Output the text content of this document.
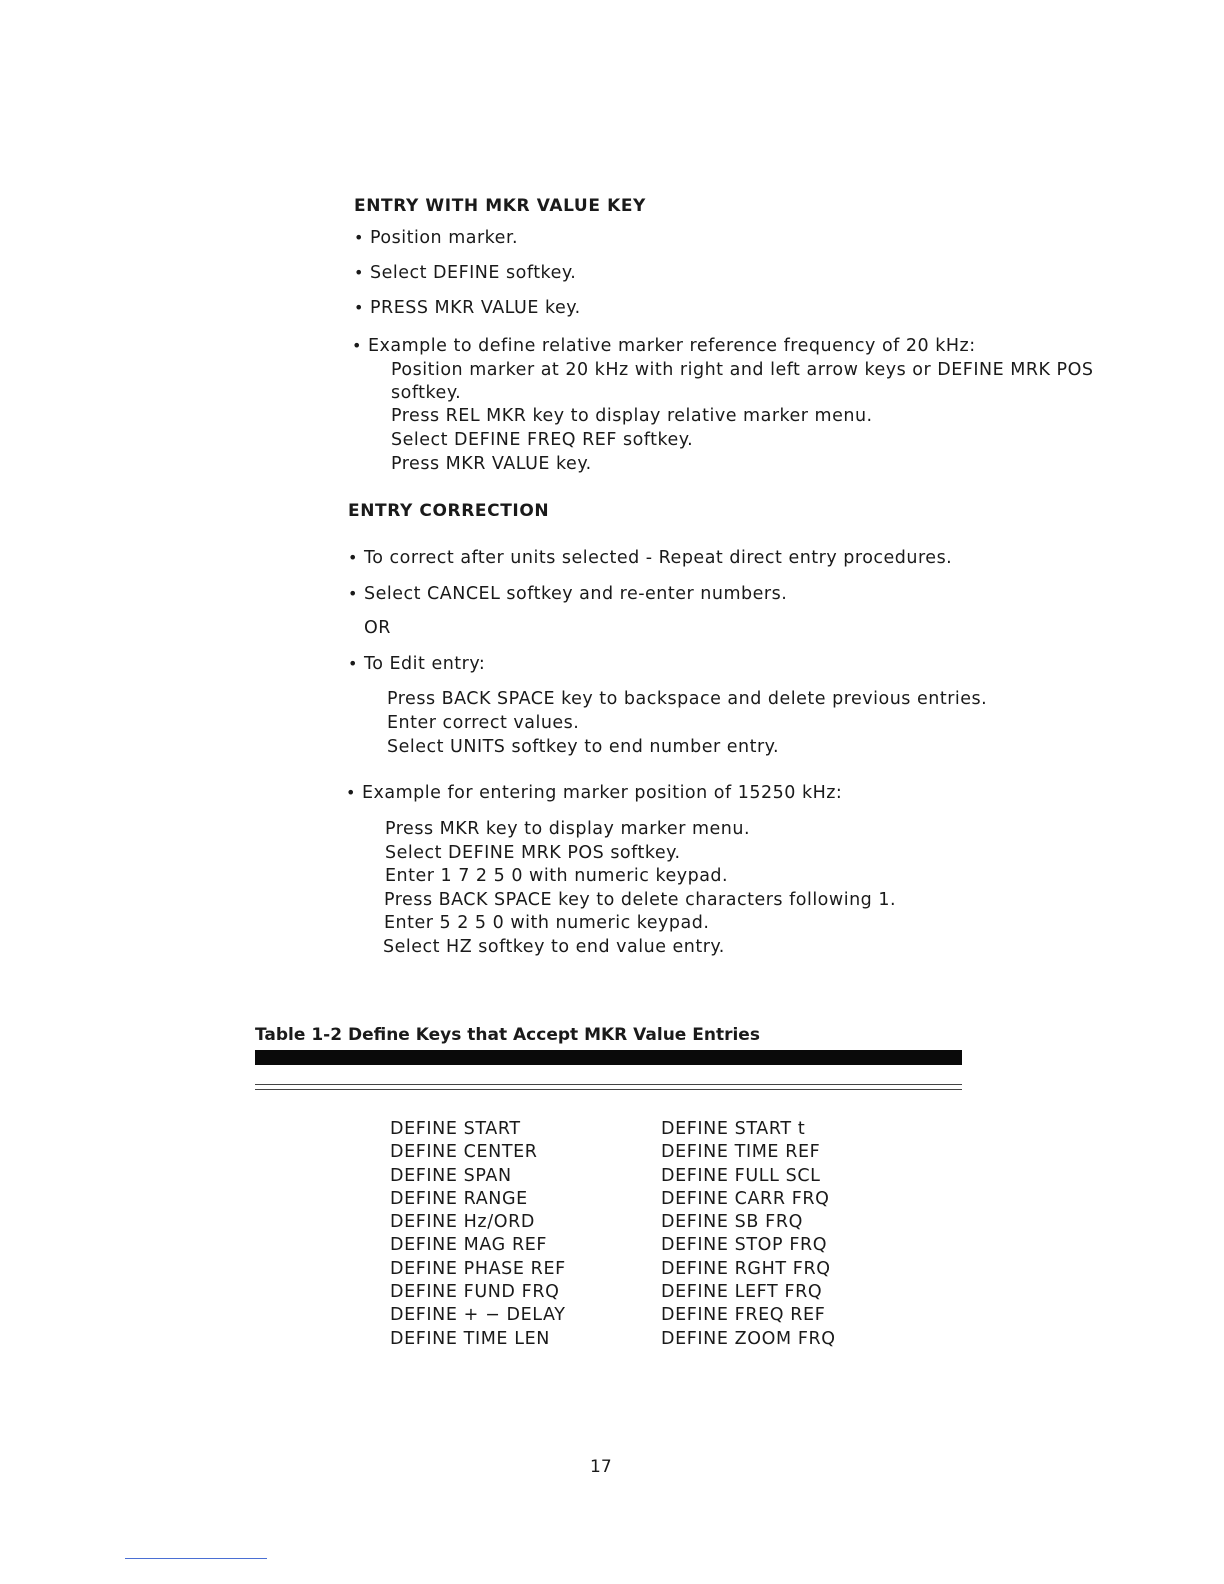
ENTRY WITH MKR VALUE KEY
• Position marker.
• Select DEFINE softkey.
• PRESS MKR VALUE key.
• Example to define relative marker reference frequency of 20 kHz:
Position marker at 20 kHz with right and left arrow keys or DEFINE MRK POS
softkey.
Press REL MKR key to display relative marker menu.
Select DEFINE FREQ REF softkey.
Press MKR VALUE key.
ENTRY CORRECTION
• To correct after units selected - Repeat direct entry procedures.
• Select CANCEL softkey and re-enter numbers.
OR
• To Edit entry:
Press BACK SPACE key to backspace and delete previous entries.
Enter correct values.
Select UNITS softkey to end number entry.
• Example for entering marker position of 15250 kHz:
Press MKR key to display marker menu.
Select DEFINE MRK POS softkey.
Enter 1 7 2 5 0 with numeric keypad.
Press BACK SPACE key to delete characters following 1.
Enter 5 2 5 0 with numeric keypad.
Select HZ softkey to end value entry.
Table 1-2 Define Keys that Accept MKR Value Entries
DEFINE START
DEFINE CENTER
DEFINE SPAN
DEFINE RANGE
DEFINE Hz/ORD
DEFINE MAG REF
DEFINE PHASE REF
DEFINE FUND FRQ
DEFINE + − DELAY
DEFINE TIME LEN
DEFINE START t
DEFINE TIME REF
DEFINE FULL SCL
DEFINE CARR FRQ
DEFINE SB FRQ
DEFINE STOP FRQ
DEFINE RGHT FRQ
DEFINE LEFT FRQ
DEFINE FREQ REF
DEFINE ZOOM FRQ
17
